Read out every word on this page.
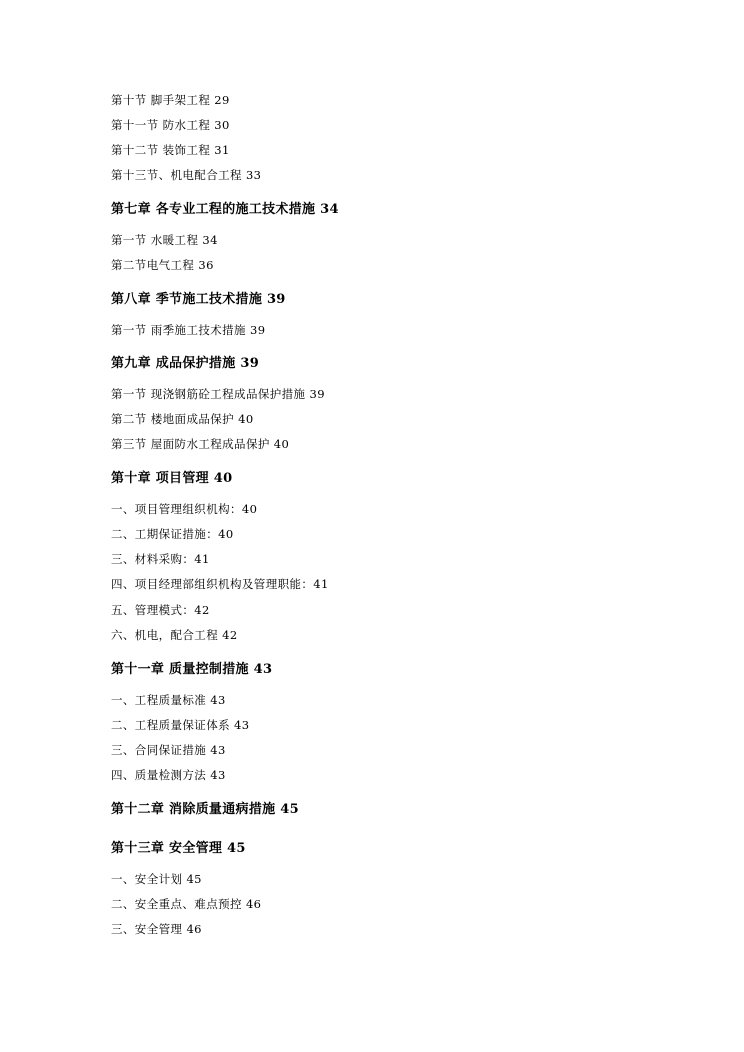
第十节 脚手架工程 29
第十一节 防水工程 30
第十二节 装饰工程 31
第十三节、机电配合工程 33
第七章 各专业工程的施工技术措施 34
第一节 水暖工程 34
第二节电气工程 36
第八章 季节施工技术措施 39
第一节 雨季施工技术措施 39
第九章 成品保护措施 39
第一节 现浇钢筋砼工程成品保护措施 39
第二节 楼地面成品保护 40
第三节 屋面防水工程成品保护 40
第十章 项目管理 40
一、项目管理组织机构：40
二、工期保证措施：40
三、材料采购：41
四、项目经理部组织机构及管理职能：41
五、管理模式：42
六、机电，配合工程 42
第十一章 质量控制措施 43
一、工程质量标准 43
二、工程质量保证体系 43
三、合同保证措施 43
四、质量检测方法 43
第十二章 消除质量通病措施 45
第十三章 安全管理 45
一、安全计划 45
二、安全重点、难点预控 46
三、安全管理 46
